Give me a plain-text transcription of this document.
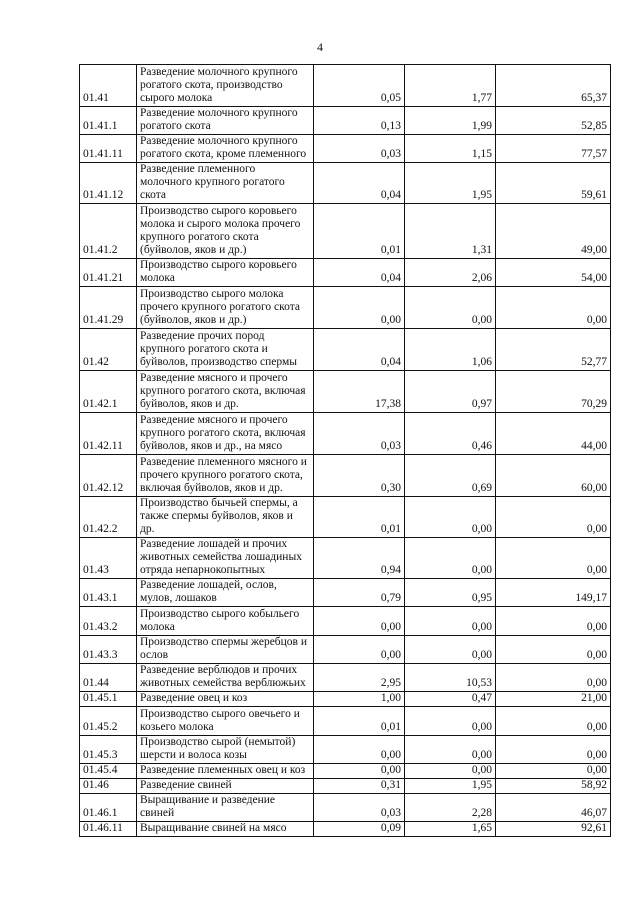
4
01.41	Разведение молочного крупного рогатого скота, производство сырого молока	0,05	1,77	65,37
01.41.1	Разведение молочного крупного рогатого скота	0,13	1,99	52,85
01.41.11	Разведение молочного крупного рогатого скота, кроме племенного	0,03	1,15	77,57
01.41.12	Разведение племенного молочного крупного рогатого скота	0,04	1,95	59,61
01.41.2	Производство сырого коровьего молока и сырого молока прочего крупного рогатого скота (буйволов, яков и др.)	0,01	1,31	49,00
01.41.21	Производство сырого коровьего молока	0,04	2,06	54,00
01.41.29	Производство сырого молока прочего крупного рогатого скота (буйволов, яков и др.)	0,00	0,00	0,00
01.42	Разведение прочих пород крупного рогатого скота и буйволов, производство спермы	0,04	1,06	52,77
01.42.1	Разведение мясного и прочего крупного рогатого скота, включая буйволов, яков и др.	17,38	0,97	70,29
01.42.11	Разведение мясного и прочего крупного рогатого скота, включая буйволов, яков и др., на мясо	0,03	0,46	44,00
01.42.12	Разведение племенного мясного и прочего крупного рогатого скота, включая буйволов, яков и др.	0,30	0,69	60,00
01.42.2	Производство бычьей спермы, а также спермы буйволов, яков и др.	0,01	0,00	0,00
01.43	Разведение лошадей и прочих животных семейства лошадиных отряда непарнокопытных	0,94	0,00	0,00
01.43.1	Разведение лошадей, ослов, мулов, лошаков	0,79	0,95	149,17
01.43.2	Производство сырого кобыльего молока	0,00	0,00	0,00
01.43.3	Производство спермы жеребцов и ослов	0,00	0,00	0,00
01.44	Разведение верблюдов и прочих животных семейства верблюжьих	2,95	10,53	0,00
01.45.1	Разведение овец и коз	1,00	0,47	21,00
01.45.2	Производство сырого овечьего и козьего молока	0,01	0,00	0,00
01.45.3	Производство сырой (немытой) шерсти и волоса козы	0,00	0,00	0,00
01.45.4	Разведение племенных овец и коз	0,00	0,00	0,00
01.46	Разведение свиней	0,31	1,95	58,92
01.46.1	Выращивание и разведение свиней	0,03	2,28	46,07
01.46.11	Выращивание свиней на мясо	0,09	1,65	92,61
